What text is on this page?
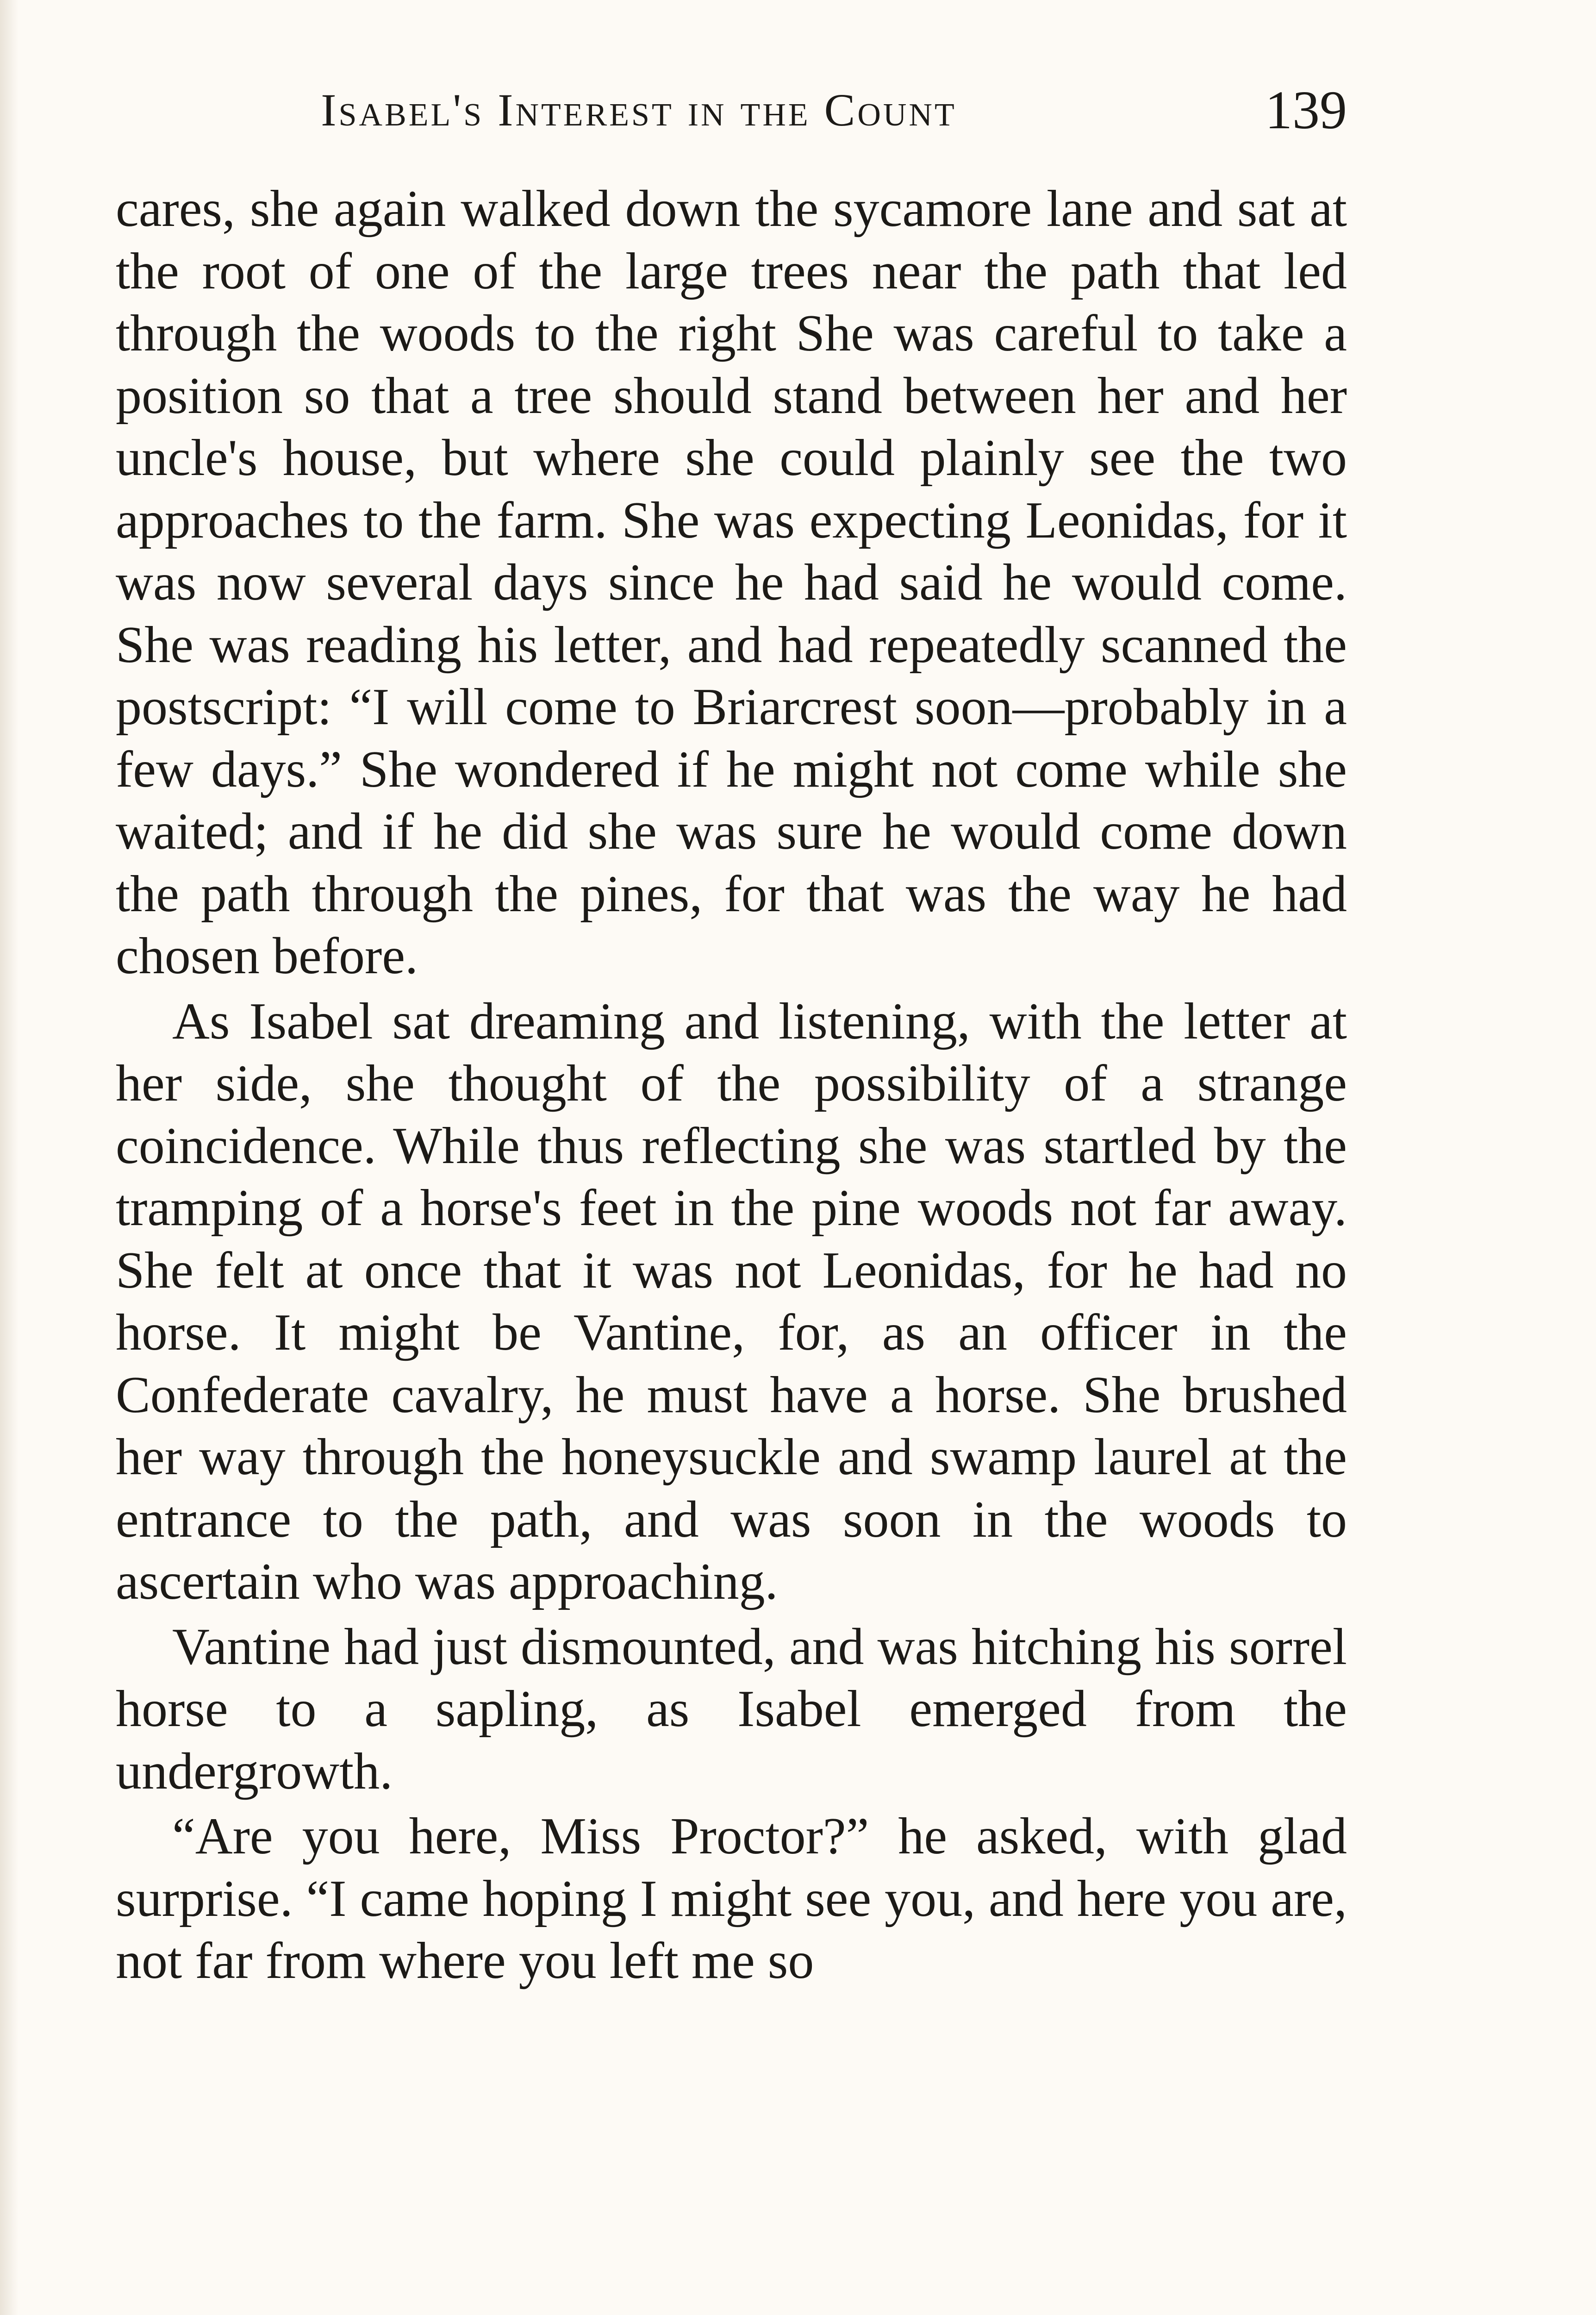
Isabel's Interest in the Count	139

cares, she again walked down the sycamore lane and sat at the root of one of the large trees near the path that led through the woods to the right She was careful to take a position so that a tree should stand between her and her uncle's house, but where she could plainly see the two approaches to the farm. She was expecting Leonidas, for it was now several days since he had said he would come. She was reading his letter, and had repeatedly scanned the postscript: “I will come to Briarcrest soon—probably in a few days.” She wondered if he might not come while she waited; and if he did she was sure he would come down the path through the pines, for that was the way he had chosen before.

As Isabel sat dreaming and listening, with the letter at her side, she thought of the possibility of a strange coincidence. While thus reflecting she was startled by the tramping of a horse's feet in the pine woods not far away. She felt at once that it was not Leonidas, for he had no horse. It might be Vantine, for, as an officer in the Confederate cavalry, he must have a horse. She brushed her way through the honeysuckle and swamp laurel at the entrance to the path, and was soon in the woods to ascertain who was approaching.

Vantine had just dismounted, and was hitching his sorrel horse to a sapling, as Isabel emerged from the undergrowth.

“Are you here, Miss Proctor?” he asked, with glad surprise. “I came hoping I might see you, and here you are, not far from where you left me so
